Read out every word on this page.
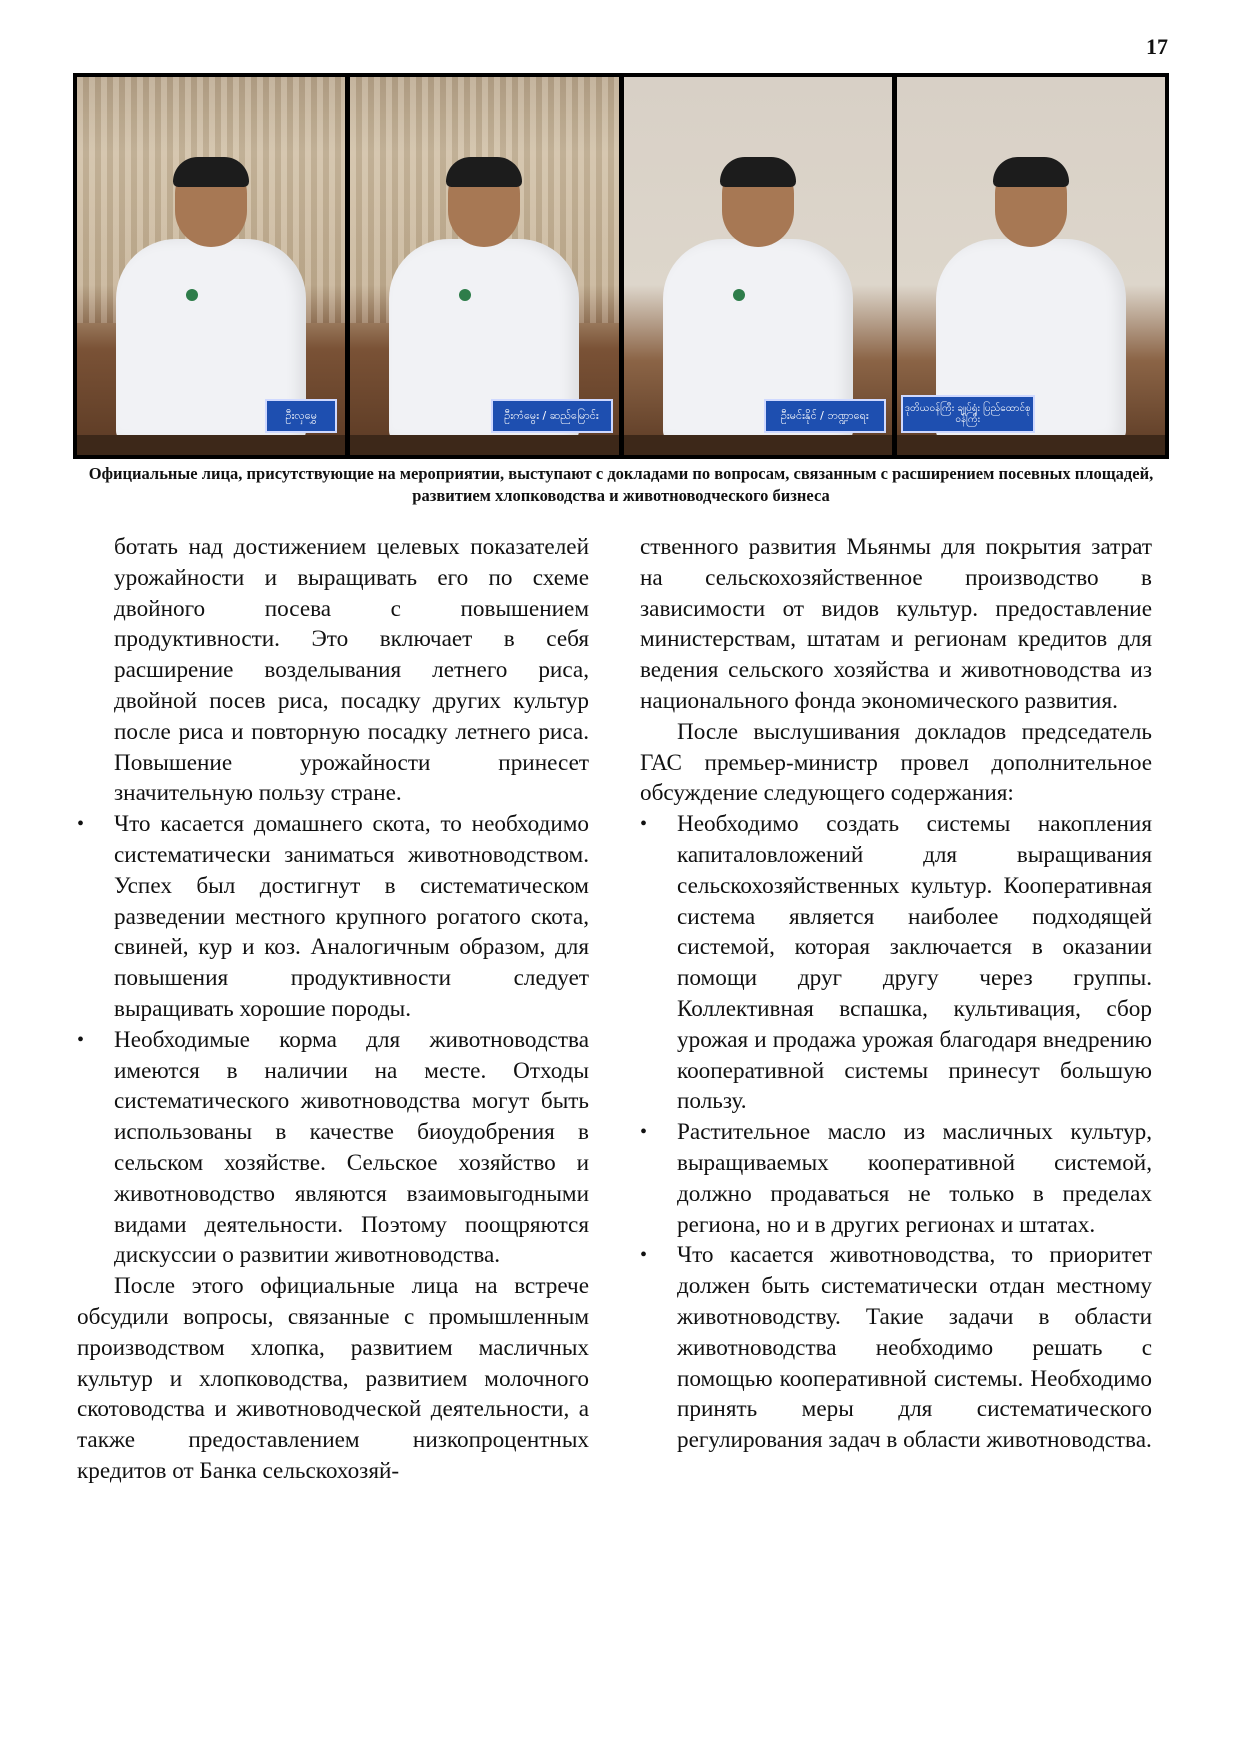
17
ဦးလှမွှေ	ဦးကံမွေး / ဆည်မြောင်း	ဦးမင်းနိုင် / ဘဏ္ဍာရေး
ဒုတိယဝန်ကြီး ချုပ်ရုံး ပြည်ထောင်စုဝန်ကြီး
Официальные лица, присутствующие на мероприятии, выступают с докладами по вопросам, связанным с расширением посевных площадей, развитием хлопководства и животноводческого бизнеса

ботать над достижением целевых показателей урожайности и выращивать его по схеме двойного посева с повышением продуктивности. Это включает в себя расширение возделывания летнего риса, двойной посев риса, посадку других культур после риса и повторную посадку летнего риса. Повышение урожайности принесет значительную пользу стране.

• Что касается домашнего скота, то необходимо систематически заниматься животноводством. Успех был достигнут в систематическом разведении местного крупного рогатого скота, свиней, кур и коз. Аналогичным образом, для повышения продуктивности следует выращивать хорошие породы.
• Необходимые корма для животноводства имеются в наличии на месте. Отходы систематического животноводства могут быть использованы в качестве биоудобрения в сельском хозяйстве. Сельское хозяйство и животноводство являются взаимовыгодными видами деятельности. Поэтому поощряются дискуссии о развитии животноводства.

После этого официальные лица на встрече обсудили вопросы, связанные с промышленным производством хлопка, развитием масличных культур и хлопководства, развитием молочного скотоводства и животноводческой деятельности, а также предоставлением низкопроцентных кредитов от Банка сельскохозяй-

ственного развития Мьянмы для покрытия затрат на сельскохозяйственное производство в зависимости от видов культур. предоставление министерствам, штатам и регионам кредитов для ведения сельского хозяйства и животноводства из национального фонда экономического развития.

После выслушивания докладов председатель ГАС премьер-министр провел дополнительное обсуждение следующего содержания:

• Необходимо создать системы накопления капиталовложений для выращивания сельскохозяйственных культур. Кооперативная система является наиболее подходящей системой, которая заключается в оказании помощи друг другу через группы. Коллективная вспашка, культивация, сбор урожая и продажа урожая благодаря внедрению кооперативной системы принесут большую пользу.
• Растительное масло из масличных культур, выращиваемых кооперативной системой, должно продаваться не только в пределах региона, но и в других регионах и штатах.
• Что касается животноводства, то приоритет должен быть систематически отдан местному животноводству. Такие задачи в области животноводства необходимо решать с помощью кооперативной системы. Необходимо принять меры для систематического регулирования задач в области животноводства.
